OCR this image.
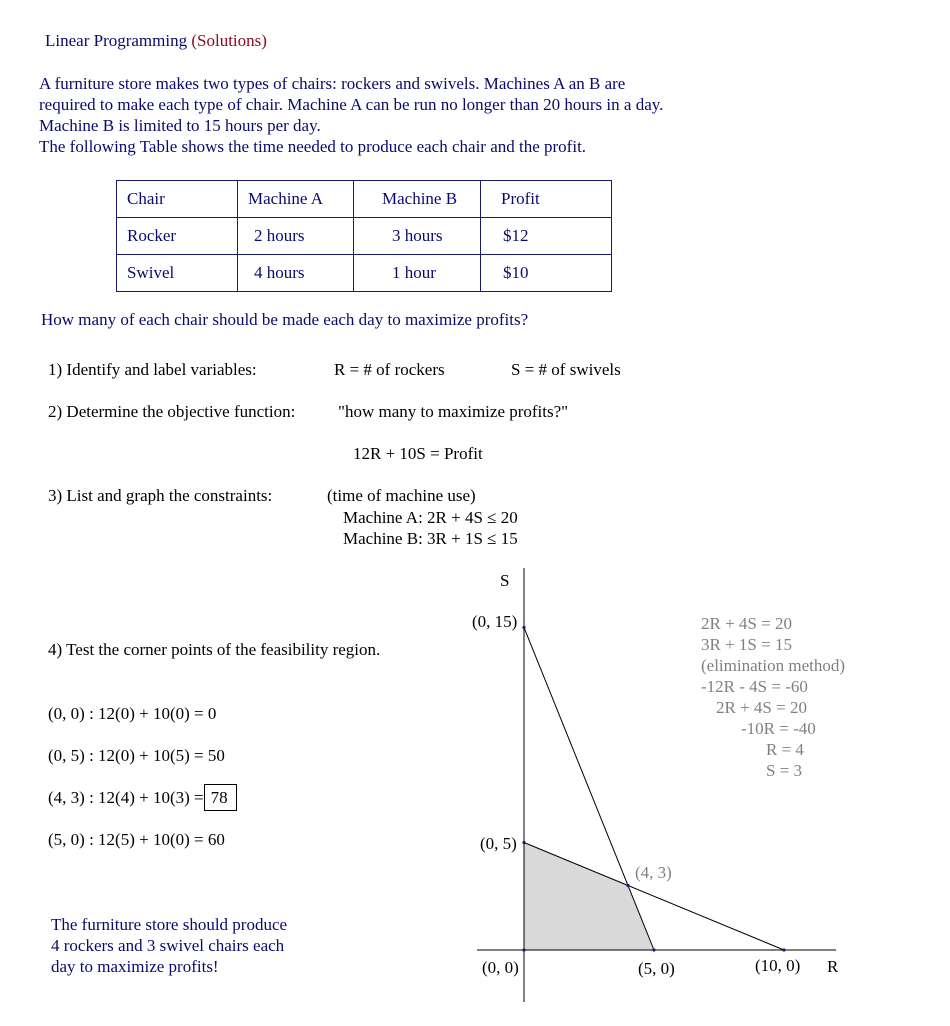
Linear Programming (Solutions)
A furniture store makes two types of chairs: rockers and swivels. Machines A an B are
required to make each type of chair. Machine A can be run no longer than 20 hours in a day.
Machine B is limited to 15 hours per day.
The following Table shows the time needed to produce each chair and the profit.
Chair	Machine A	Machine B	Profit
Rocker	2 hours	3 hours	$12
Swivel	4 hours	1 hour	$10
How many of each chair should be made each day to maximize profits?
1) Identify and label variables:	R = # of rockers	S = # of swivels
2) Determine the objective function:	"how many to maximize profits?"
12R + 10S = Profit
3) List and graph the constraints:	(time of machine use)
Machine A: 2R + 4S ≤ 20
Machine B: 3R + 1S ≤ 15
4) Test the corner points of the feasibility region.
(0, 0) : 12(0) + 10(0) = 0
(0, 5) : 12(0) + 10(5) = 50
(4, 3) : 12(4) + 10(3) = 78
(5, 0) : 12(5) + 10(0) = 60
The furniture store should produce
4 rockers and 3 swivel chairs each
day to maximize profits!
2R + 4S = 20
3R + 1S = 15
(elimination method)
-12R - 4S = -60
2R + 4S = 20
-10R = -40
R = 4
S = 3
S
R
(0, 15)
(0, 5)
(4, 3)
(0, 0)	(5, 0)	(10, 0)
